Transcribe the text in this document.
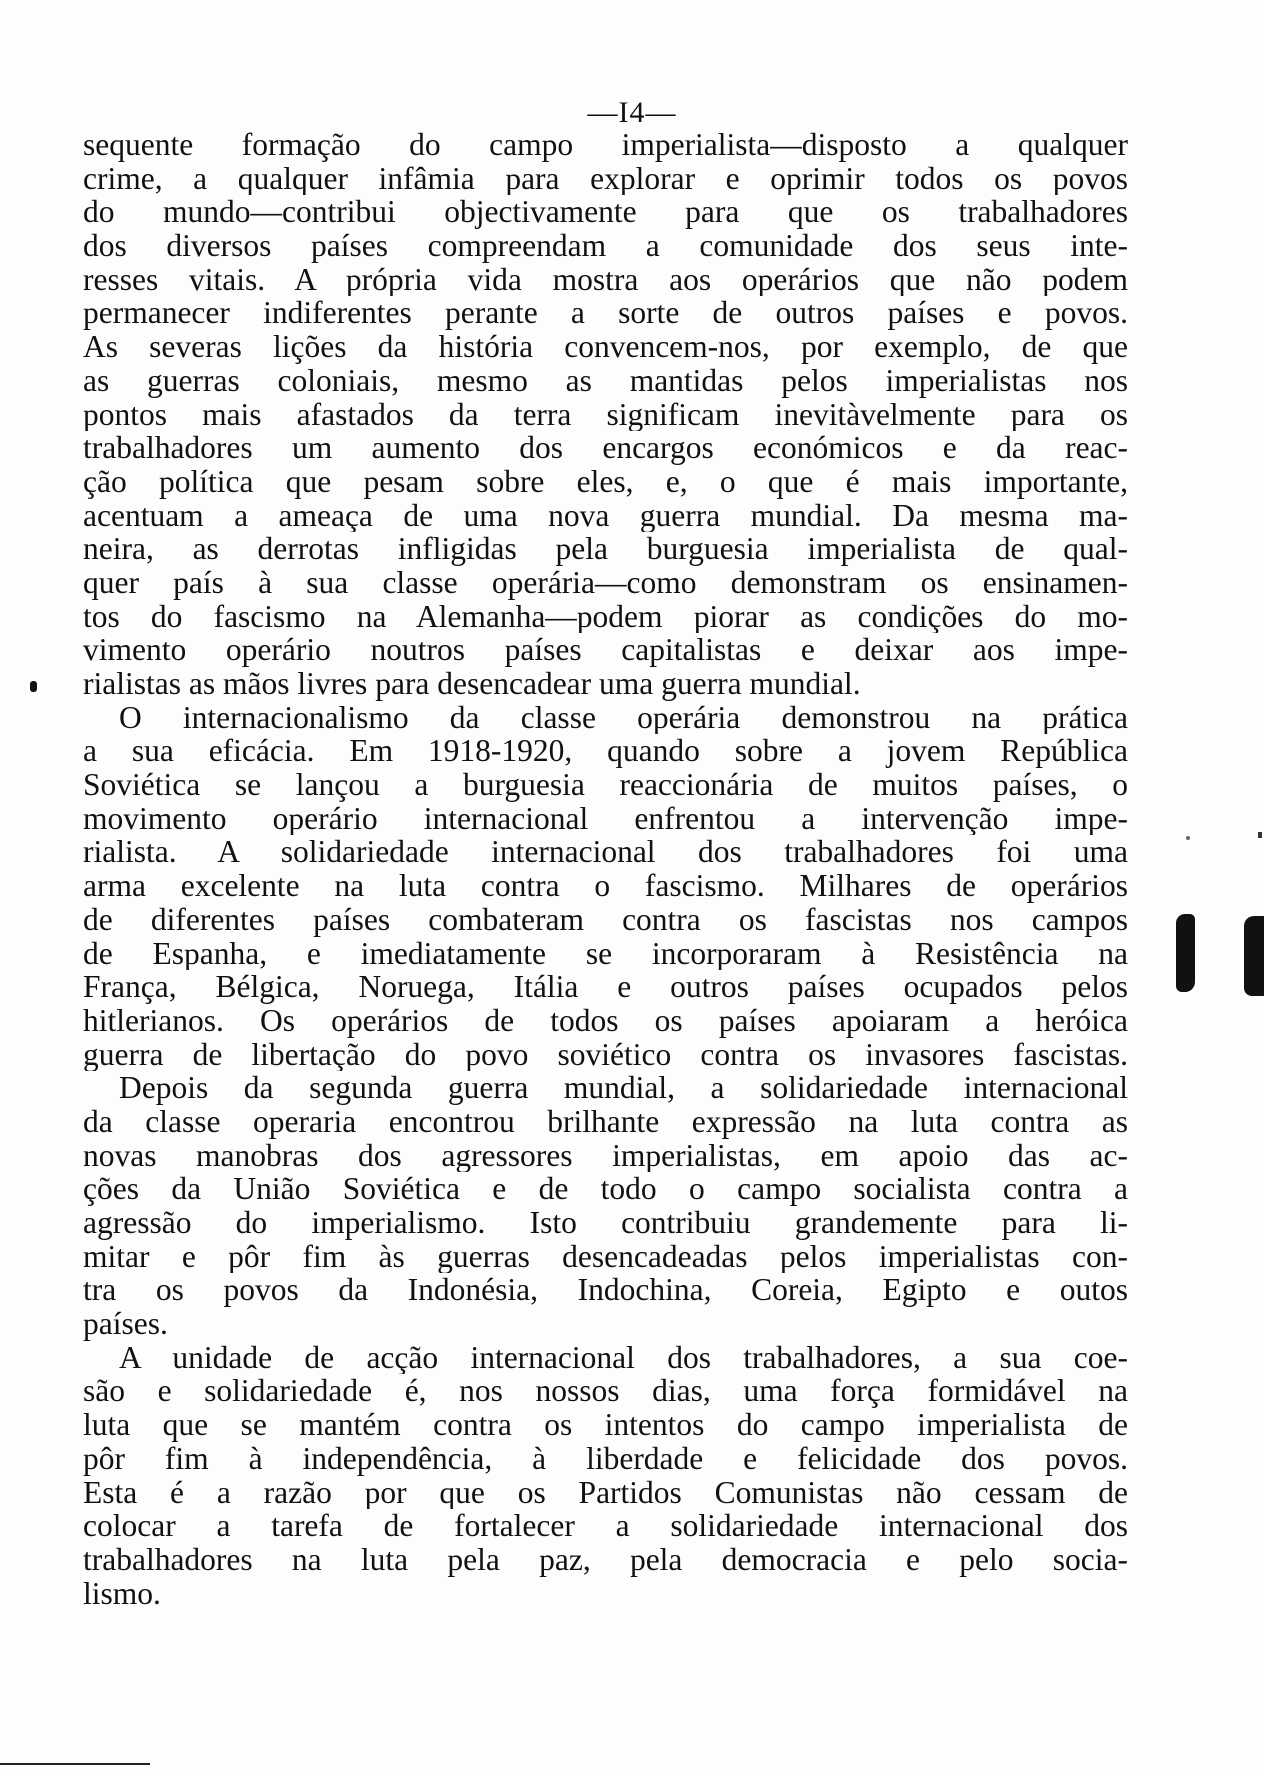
—I4—
sequente formação do campo imperialista—disposto a qualquer
crime, a qualquer infâmia para explorar e oprimir todos os povos
do mundo—contribui objectivamente para que os trabalhadores
dos diversos países compreendam a comunidade dos seus inte-
resses vitais. A própria vida mostra aos operários que não podem
permanecer indiferentes perante a sorte de outros países e povos.
As severas lições da história convencem-nos, por exemplo, de que
as guerras coloniais, mesmo as mantidas pelos imperialistas nos
pontos mais afastados da terra significam inevitàvelmente para os
trabalhadores um aumento dos encargos económicos e da reac-
ção política que pesam sobre eles, e, o que é mais importante,
acentuam a ameaça de uma nova guerra mundial. Da mesma ma-
neira, as derrotas infligidas pela burguesia imperialista de qual-
quer país à sua classe operária—como demonstram os ensinamen-
tos do fascismo na Alemanha—podem piorar as condições do mo-
vimento operário noutros países capitalistas e deixar aos impe-
rialistas as mãos livres para desencadear uma guerra mundial.
O internacionalismo da classe operária demonstrou na prática
a sua eficácia. Em 1918-1920, quando sobre a jovem República
Soviética se lançou a burguesia reaccionária de muitos países, o
movimento operário internacional enfrentou a intervenção impe-
rialista. A solidariedade internacional dos trabalhadores foi uma
arma excelente na luta contra o fascismo. Milhares de operários
de diferentes países combateram contra os fascistas nos campos
de Espanha, e imediatamente se incorporaram à Resistência na
França, Bélgica, Noruega, Itália e outros países ocupados pelos
hitlerianos. Os operários de todos os países apoiaram a heróica
guerra de libertação do povo soviético contra os invasores fascistas.
Depois da segunda guerra mundial, a solidariedade internacional
da classe operaria encontrou brilhante expressão na luta contra as
novas manobras dos agressores imperialistas, em apoio das ac-
ções da União Soviética e de todo o campo socialista contra a
agressão do imperialismo. Isto contribuiu grandemente para li-
mitar e pôr fim às guerras desencadeadas pelos imperialistas con-
tra os povos da Indonésia, Indochina, Coreia, Egipto e outos
países.
A unidade de acção internacional dos trabalhadores, a sua coe-
são e solidariedade é, nos nossos dias, uma força formidável na
luta que se mantém contra os intentos do campo imperialista de
pôr fim à independência, à liberdade e felicidade dos povos.
Esta é a razão por que os Partidos Comunistas não cessam de
colocar a tarefa de fortalecer a solidariedade internacional dos
trabalhadores na luta pela paz, pela democracia e pelo socia-
lismo.
